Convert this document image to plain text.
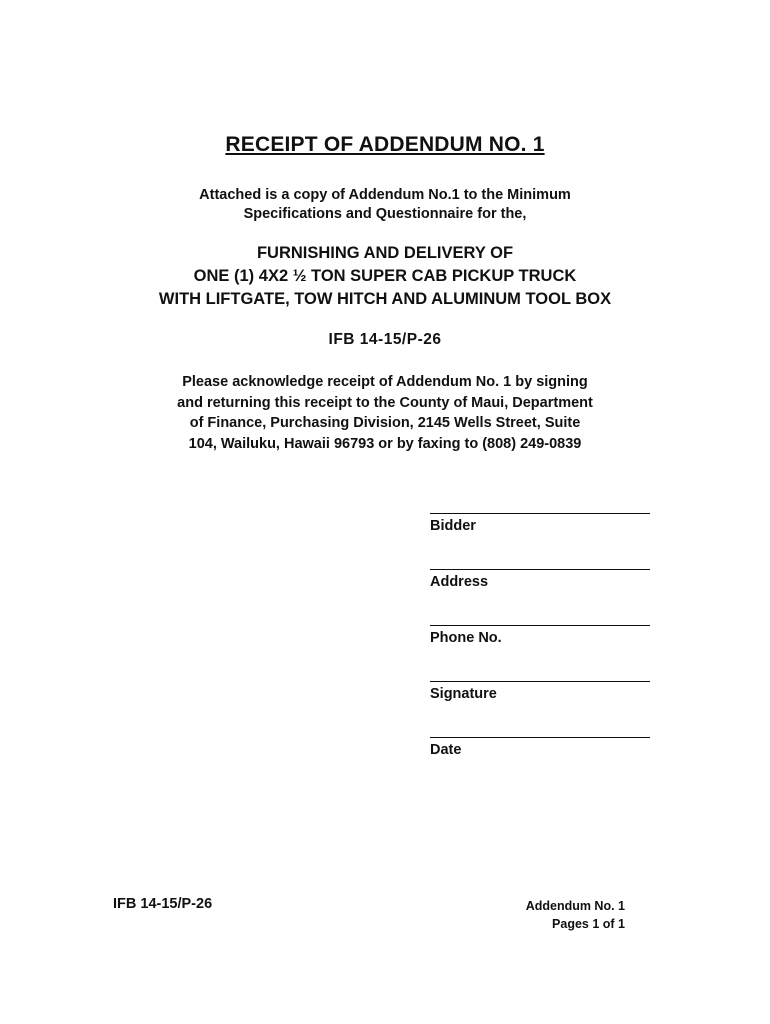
RECEIPT OF ADDENDUM NO. 1
Attached is a copy of Addendum No.1 to the Minimum
Specifications and Questionnaire for the,
FURNISHING AND DELIVERY OF
ONE (1) 4X2 ½ TON SUPER CAB PICKUP TRUCK
WITH LIFTGATE, TOW HITCH AND ALUMINUM TOOL BOX
IFB 14-15/P-26
Please acknowledge receipt of Addendum No. 1 by signing
and returning this receipt to the County of Maui, Department
of Finance, Purchasing Division, 2145 Wells Street, Suite
104, Wailuku, Hawaii 96793 or by faxing to (808) 249-0839
Bidder
Address
Phone No.
Signature
Date
IFB 14-15/P-26	Addendum No. 1
Pages 1 of 1
